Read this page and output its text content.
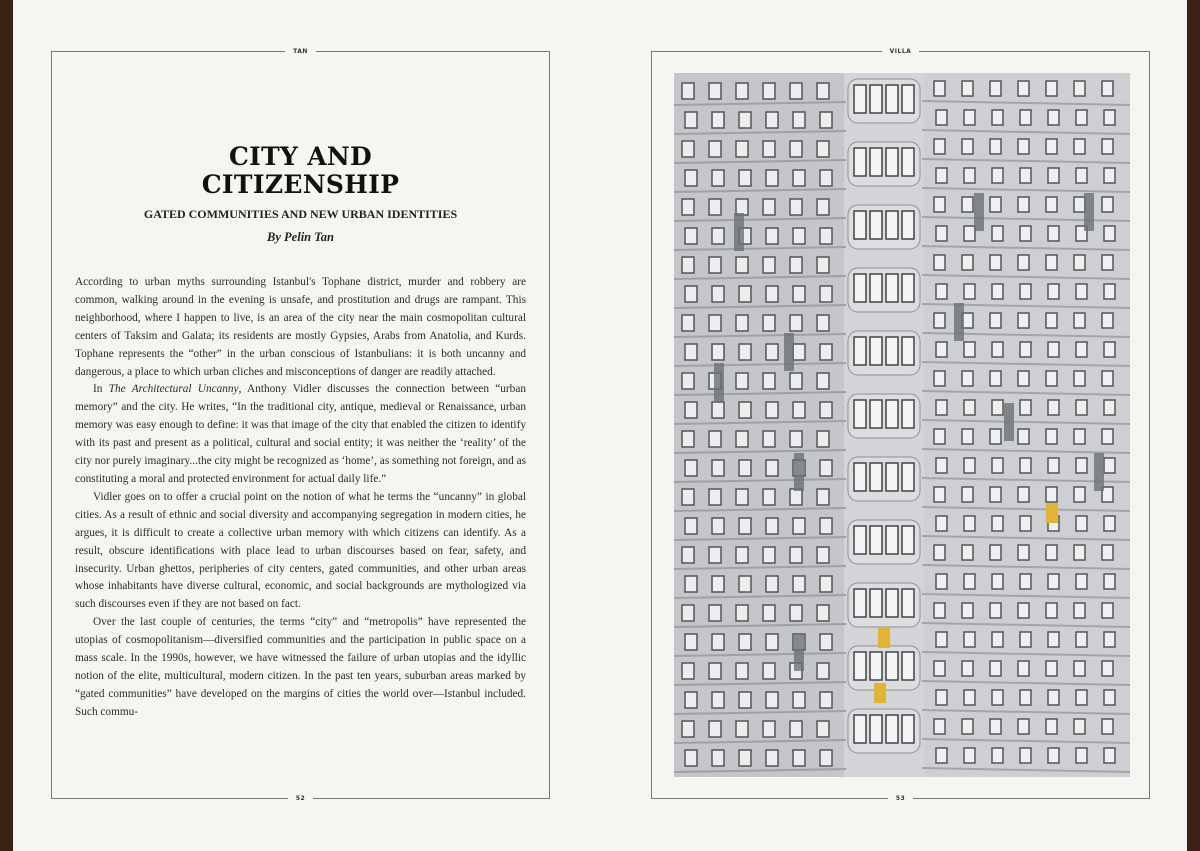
TAN
CITY AND
CITIZENSHIP
GATED COMMUNITIES AND NEW URBAN IDENTITIES
By Pelin Tan

According to urban myths surrounding Istanbul's Tophane district, murder and robbery are common, walking around in the evening is unsafe, and prostitution and drugs are rampant. This neighborhood, where I happen to live, is an area of the city near the main cosmopolitan cultural centers of Taksim and Galata; its residents are mostly Gypsies, Arabs from Anatolia, and Kurds. Tophane represents the “other” in the urban conscious of Istanbulians: it is both uncanny and dangerous, a place to which urban cliches and misconceptions of danger are readily attached.

In The Architectural Uncanny, Anthony Vidler discusses the connection between “urban memory” and the city. He writes, “In the traditional city, antique, medieval or Renaissance, urban memory was easy enough to define: it was that image of the city that enabled the citizen to identify with its past and present as a political, cultural and social entity; it was neither the ‘reality’ of the city nor purely imaginary...the city might be recognized as ‘home’, as something not foreign, and as constituting a moral and protected environment for actual daily life.”

Vidler goes on to offer a crucial point on the notion of what he terms the “uncanny” in global cities. As a result of ethnic and social diversity and accompanying segregation in modern cities, he argues, it is difficult to create a collective urban memory with which citizens can identify. As a result, obscure identifications with place lead to urban discourses based on fear, safety, and insecurity. Urban ghettos, peripheries of city centers, gated communities, and other urban areas whose inhabitants have diverse cultural, economic, and social backgrounds are mythologized via such discourses even if they are not based on fact.

Over the last couple of centuries, the terms “city” and “metropolis” have represented the utopias of cosmopolitanism—diversified communities and the participation in public space on a mass scale. In the 1990s, however, we have witnessed the failure of urban utopias and the idyllic notion of the elite, multicultural, modern citizen. In the past ten years, suburban areas marked by “gated communities” have developed on the margins of cities the world over—Istanbul included. Such commu-

52
VILLA
53
